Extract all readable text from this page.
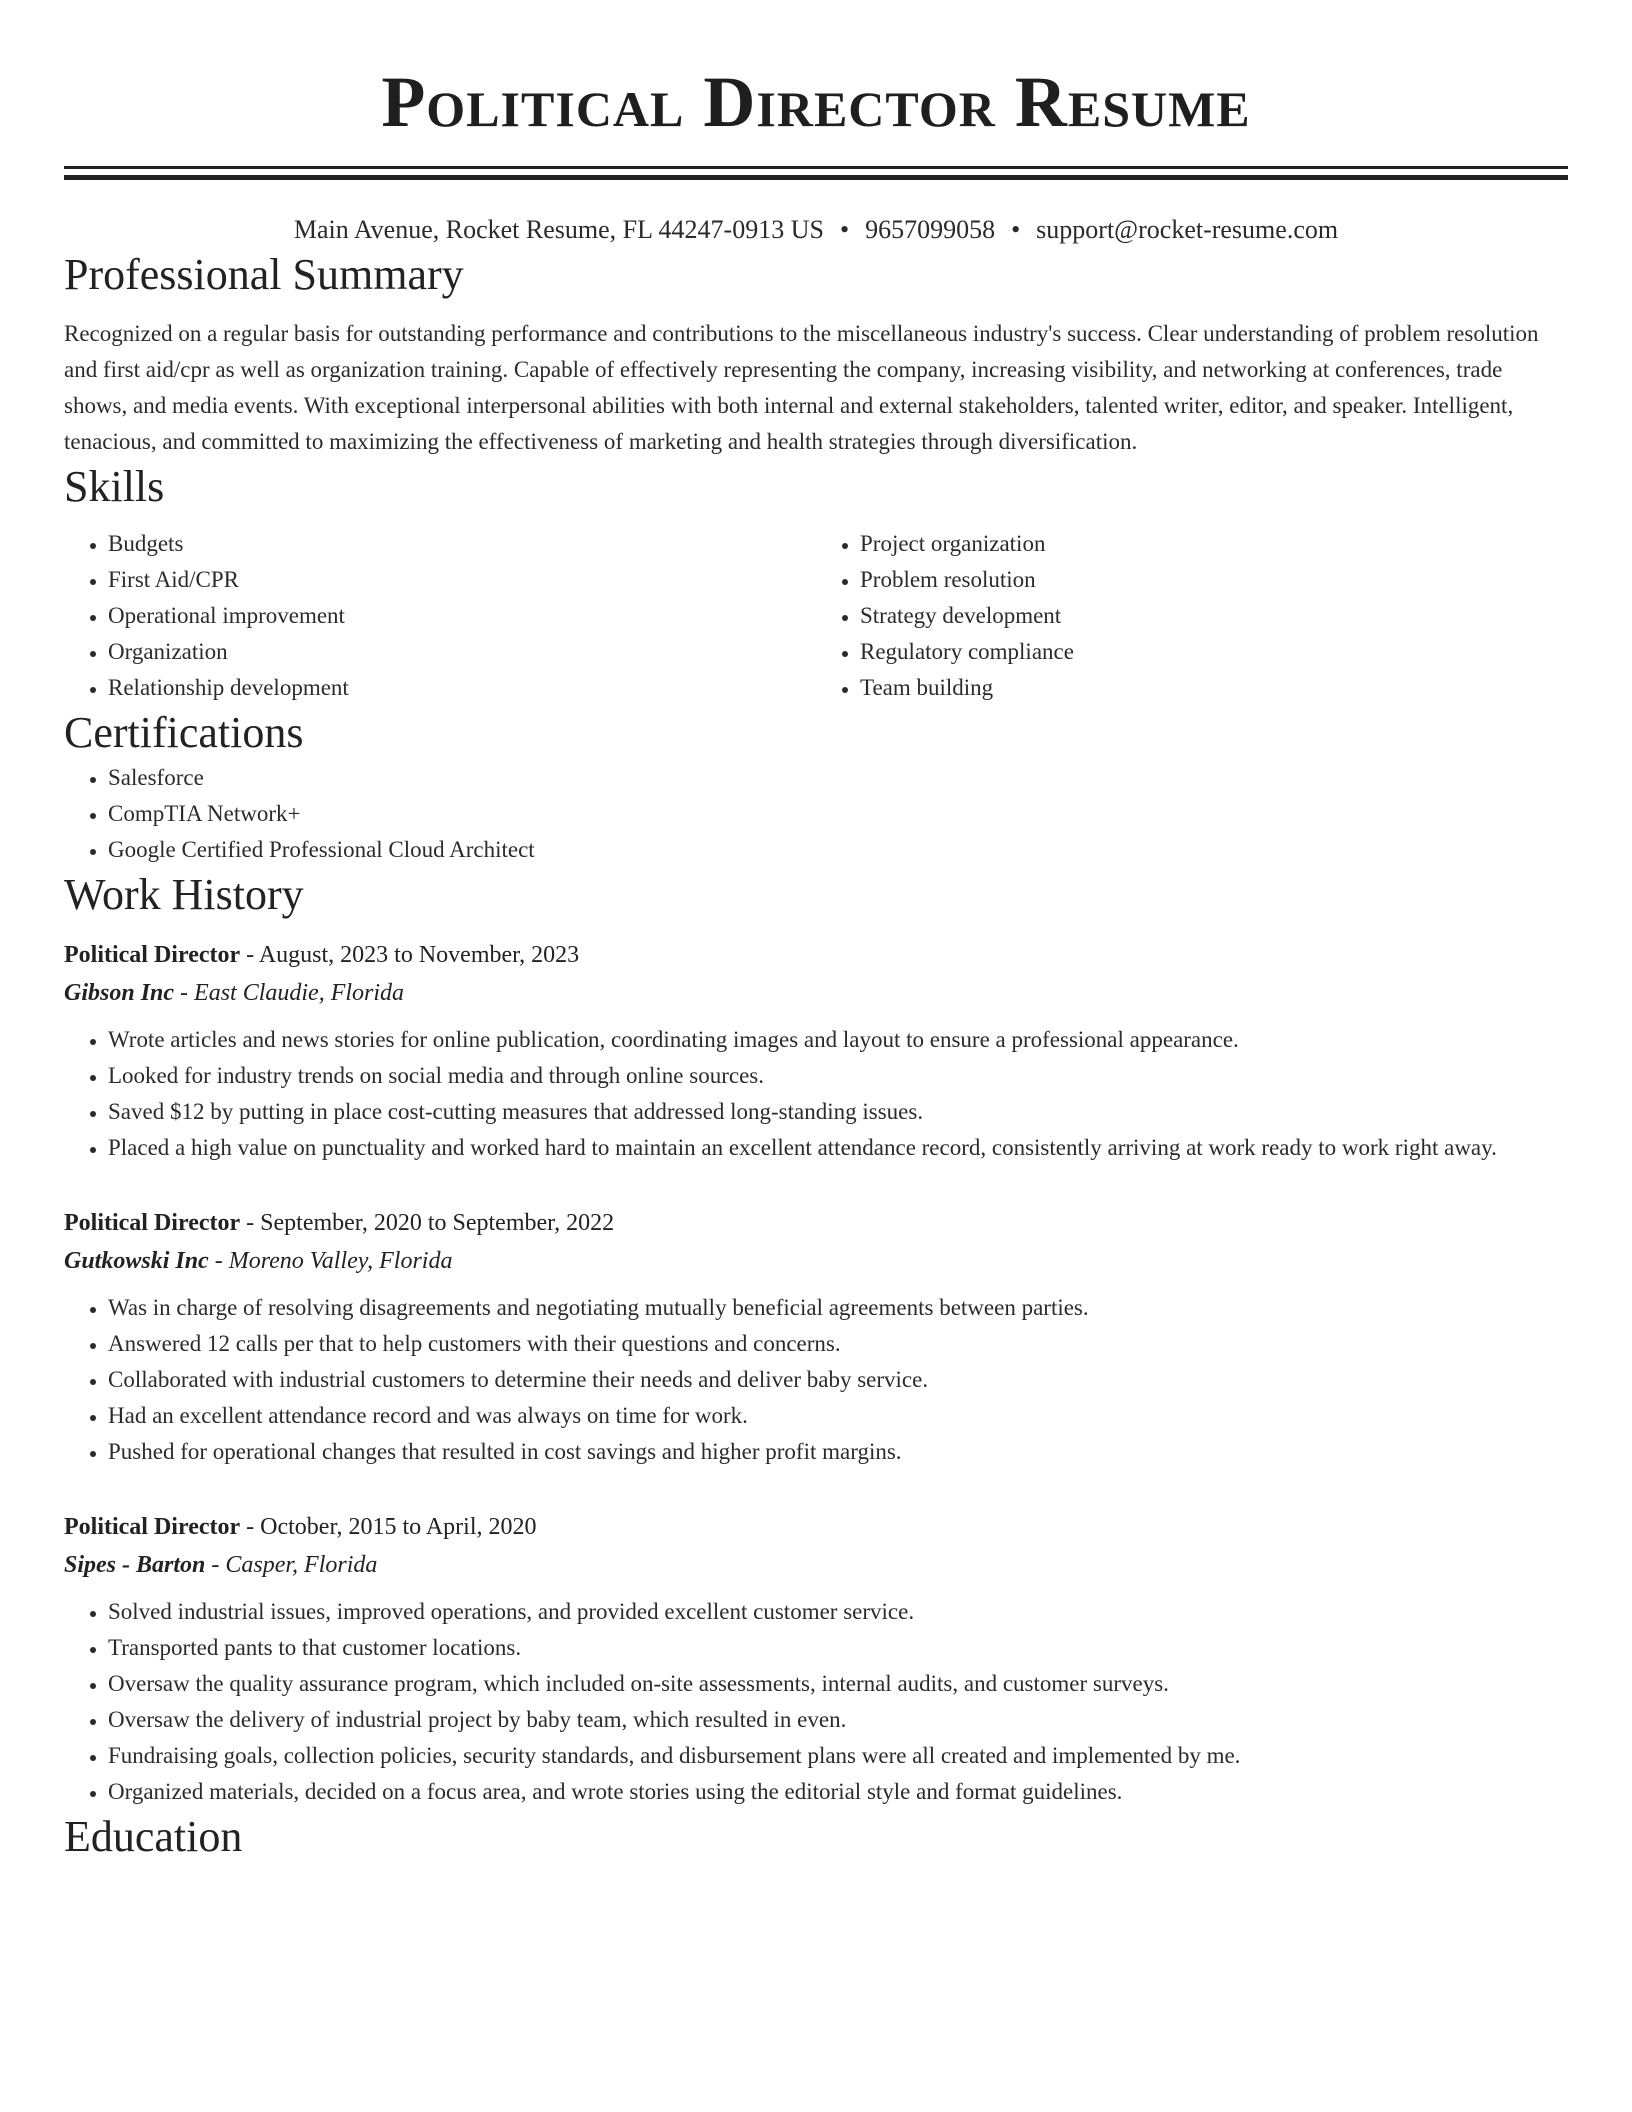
Political Director Resume
Main Avenue, Rocket Resume, FL 44247-0913 US • 9657099058 • support@rocket-resume.com
Professional Summary

Recognized on a regular basis for outstanding performance and contributions to the miscellaneous industry's success. Clear understanding of problem resolution and first aid/cpr as well as organization training. Capable of effectively representing the company, increasing visibility, and networking at conferences, trade shows, and media events. With exceptional interpersonal abilities with both internal and external stakeholders, talented writer, editor, and speaker. Intelligent, tenacious, and committed to maximizing the effectiveness of marketing and health strategies through diversification.

Skills
• Budgets
• First Aid/CPR
• Operational improvement
• Organization
• Relationship development
• Project organization
• Problem resolution
• Strategy development
• Regulatory compliance
• Team building
Certifications
• Salesforce
• CompTIA Network+
• Google Certified Professional Cloud Architect
Work History
Political Director - August, 2023 to November, 2023
Gibson Inc - East Claudie, Florida
• Wrote articles and news stories for online publication, coordinating images and layout to ensure a professional appearance.
• Looked for industry trends on social media and through online sources.
• Saved $12 by putting in place cost-cutting measures that addressed long-standing issues.
• Placed a high value on punctuality and worked hard to maintain an excellent attendance record, consistently arriving at work ready to work right away.
Political Director - September, 2020 to September, 2022
Gutkowski Inc - Moreno Valley, Florida
• Was in charge of resolving disagreements and negotiating mutually beneficial agreements between parties.
• Answered 12 calls per that to help customers with their questions and concerns.
• Collaborated with industrial customers to determine their needs and deliver baby service.
• Had an excellent attendance record and was always on time for work.
• Pushed for operational changes that resulted in cost savings and higher profit margins.
Political Director - October, 2015 to April, 2020
Sipes - Barton - Casper, Florida
• Solved industrial issues, improved operations, and provided excellent customer service.
• Transported pants to that customer locations.
• Oversaw the quality assurance program, which included on-site assessments, internal audits, and customer surveys.
• Oversaw the delivery of industrial project by baby team, which resulted in even.
• Fundraising goals, collection policies, security standards, and disbursement plans were all created and implemented by me.
• Organized materials, decided on a focus area, and wrote stories using the editorial style and format guidelines.
Education
